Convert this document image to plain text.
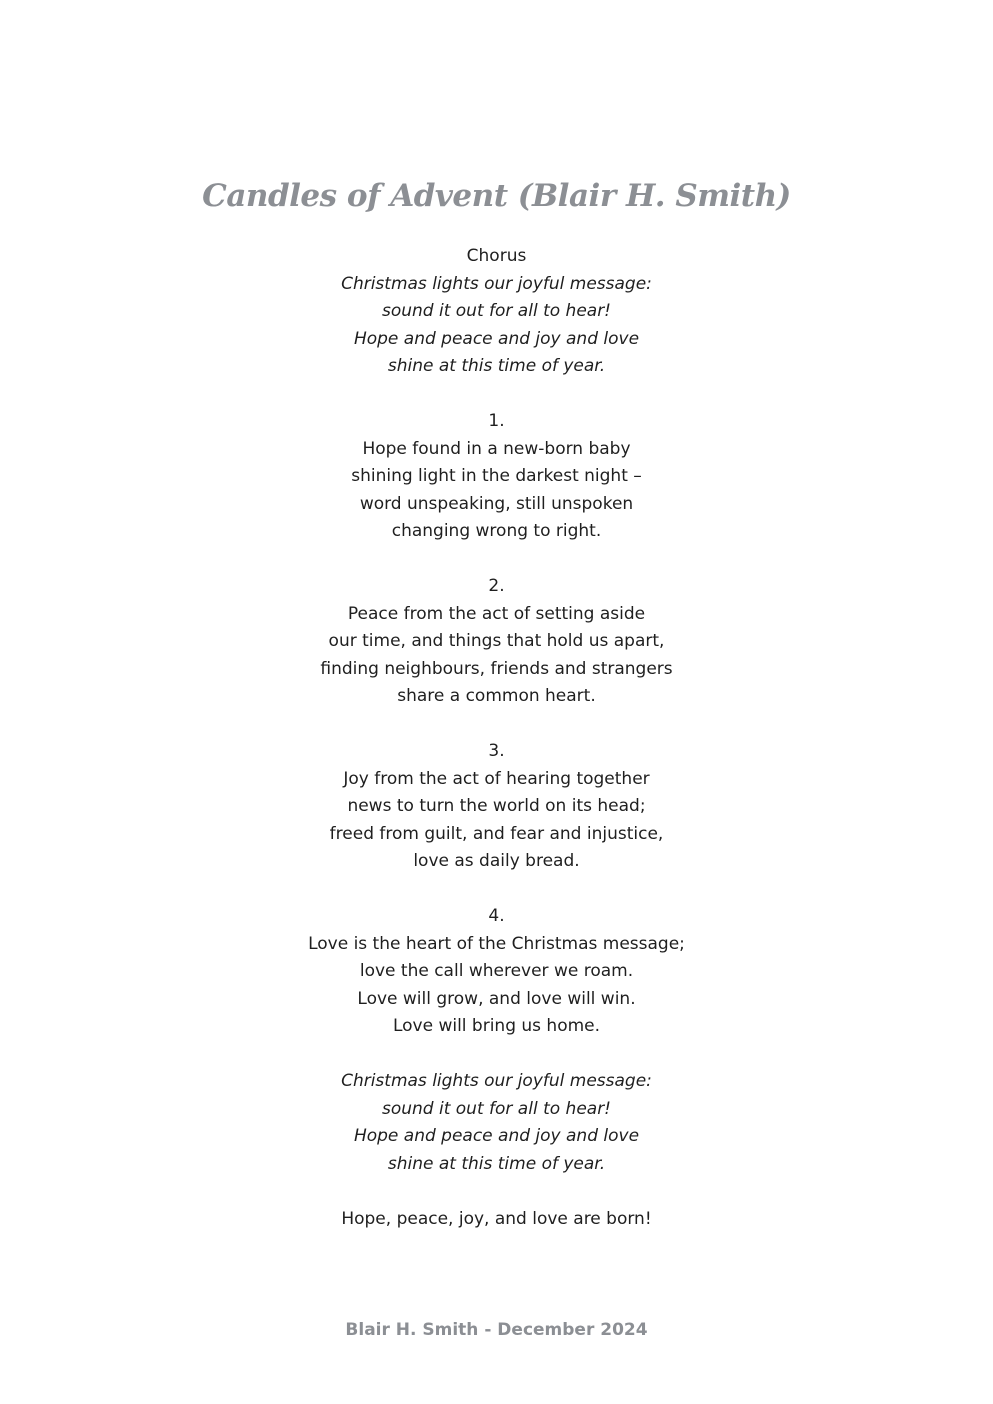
Candles of Advent (Blair H. Smith)
Chorus
Christmas lights our joyful message:
sound it out for all to hear!
Hope and peace and joy and love
shine at this time of year.
1.
Hope found in a new-born baby
shining light in the darkest night –
word unspeaking, still unspoken
changing wrong to right.
2.
Peace from the act of setting aside
our time, and things that hold us apart,
finding neighbours, friends and strangers
share a common heart.
3.
Joy from the act of hearing together
news to turn the world on its head;
freed from guilt, and fear and injustice,
love as daily bread.
4.
Love is the heart of the Christmas message;
love the call wherever we roam.
Love will grow, and love will win.
Love will bring us home.
Christmas lights our joyful message:
sound it out for all to hear!
Hope and peace and joy and love
shine at this time of year.
Hope, peace, joy, and love are born!

Blair H. Smith - December 2024
